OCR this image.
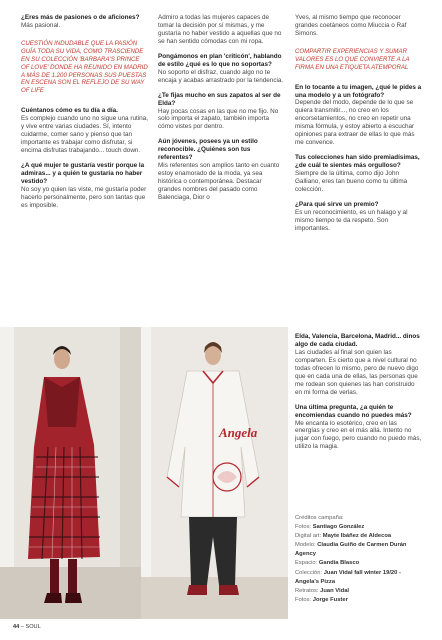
¿Eres más de pasiones o de aficiones?

Más pasional.

CUESTIÓN INDUDABLE QUE LA PASIÓN GUÍA TODA SU VIDA, COMO TRASCIENDE EN SU COLECCIÓN 'BARBARA'S PRINCE OF LOVE' DONDE HA REUNIDO EN MADRID A MÁS DE 1.200 PERSONAS SUS PUESTAS EN ESCENA SON EL REFLEJO DE SU WAY OF LIFE

Cuéntanos cómo es tu día a día.

Es complejo cuando uno no sigue una rutina, y vive entre varias ciudades. Sí, intento cuidarme, comer sano y pienso que tan importante es trabajar como disfrutar, si encima disfrutas trabajando... touch down.

¿A qué mujer te gustaría vestir porque la admiras... y a quién te gustaría no haber vestido?

No soy yo quien las viste, me gustaría poder hacerlo personalmente, pero son tantas que es imposible.

Admiro a todas las mujeres capaces de tomar la decisión por sí mismas, y me gustaría no haber vestido a aquellas que no se han sentido cómodas con mi ropa.

Pongámonos en plan 'criticón', hablando de estilo ¿qué es lo que no soportas?

No soporto el disfraz, cuando algo no te encaja y acabas arrastrado por la tendencia.

¿Te fijas mucho en sus zapatos al ser de Elda?

Hay pocas cosas en las que no me fijo. No solo importa el zapato, también importa cómo vistes por dentro.

Aún jóvenes, posees ya un estilo reconocible. ¿Quiénes son tus referentes?

Mis referentes son amplios tanto en cuanto estoy enamorado de la moda, ya sea histórica o contemporánea. Destacar grandes nombres del pasado como Balenciaga, Dior o

Yves, al mismo tiempo que reconocer grandes coetáneos como Miuccia o Raf Simons.

COMPARTIR EXPERIENCIAS Y SUMAR VALORES ES LO QUE CONVIERTE A LA FIRMA EN UNA ETIQUETA ATEMPORAL

En lo tocante a tu imagen, ¿qué le pides a una modelo y a un fotógrafo?

Depende del modo, depende de lo que se quiera transmitir..., no creo en los encorsetamientos, no creo en repetir una misma fórmula, y estoy abierto a escuchar opiniones para extraer de ellas lo que más me convence.

Tus colecciones han sido premiadísimas, ¿de cuál te sientes más orgulloso?

Siempre de la última, como dijo John Galliano, eres tan bueno como tu última colección.

¿Para qué sirve un premio?

Es un reconocimiento, es un halago y al mismo tiempo te da respeto. Son importantes.

Elda, Valencia, Barcelona, Madrid... dinos algo de cada ciudad.

Las ciudades al final son quien las comparten. Es cierto que a nivel cultural no todas ofrecen lo mismo, pero de nuevo digo que en cada una de ellas, las personas que me rodean son quienes las han construido en mi forma de verlas.

Una última pregunta, ¿a quién te encomiendas cuando no puedes más?

Me encanta lo esotérico, creo en las energías y creo en el más allá. Intento no jugar con fuego, pero cuando no puedo más, utilizo la magia.

Angela

Créditos campaña:

Fotos: Santiago González

Digital art: Mayte Ibáñez de Aldecoa

Modelo: Claudia Guiño de Carmen Durán Agency

Espacio: Gandía Blasco

Colección: Juan Vidal fall winter 19/20 - Angela's Pizza

Retratos: Juan Vidal

Fotos: Jorge Fuster

44 – SOUL
